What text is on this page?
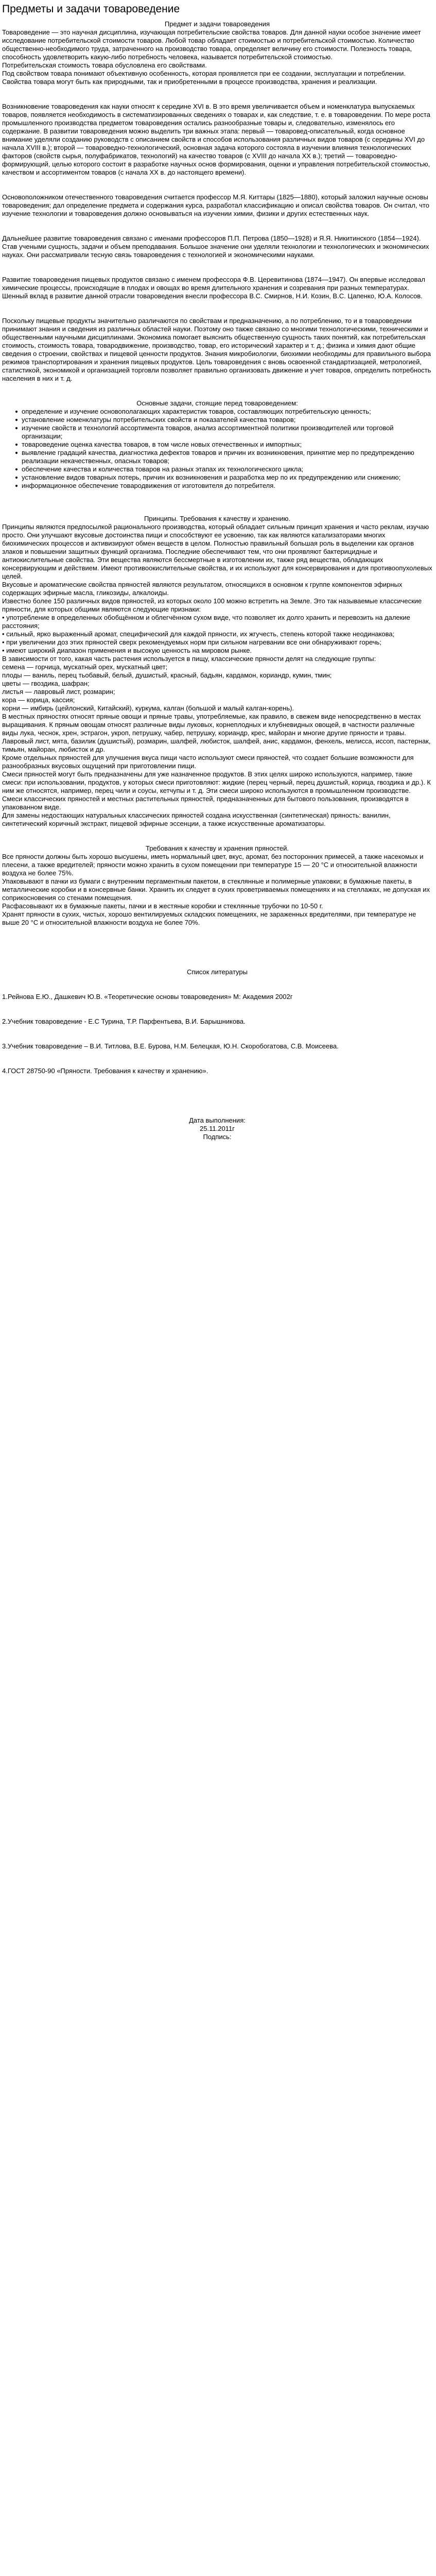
Предметы и задачи товароведение

Предмет и задачи товароведения

Товароведение — это научная дисциплина, изучающая потребительские свойства товаров. Для данной науки особое значение имеет исследование потребительской стоимости товаров. Любой товар обладает стоимостью и потребительской стоимостью. Количество общественно-необходимого труда, затраченного на производство товара, определяет величину его стоимости. Полезность товара, способность удовлетворить какую-либо потребность человека, называется потребительской стоимостью.

Потребительская стоимость товара обусловлена его свойствами.

Под свойством товара понимают объективную особенность, которая проявляется при ее создании, эксплуатации и потреблении. Свойства товара могут быть как природными, так и приобретенными в процессе производства, хранения и реализации.

Возникновение товароведения как науки относят к середине XVI в. В это время увеличивается объем и номенклатура выпускаемых товаров, появляется необходимость в систематизированных сведениях о товарах и, как следствие, т. е. в товароведении. По мере роста промышленного производства предметом товароведения остались разнообразные товары и, следовательно, изменялось его содержание. В развитии товароведения можно выделить три важных этапа: первый — товаровед-описательный, когда основное внимание уделяли созданию руководств с описанием свойств и способов использования различных видов товаров (с середины XVI до начала XVIII в.); второй — товароведно-технологический, основная задача которого состояла в изучении влияния технологических факторов (свойств сырья, полуфабрикатов, технологий) на качество товаров (с XVIII до начала XX в.); третий — товароведно-формирующий, целью которого состоит в разработке научных основ формирования, оценки и управления потребительской стоимостью, качеством и ассортиментом товаров (с начала XX в. до настоящего времени).

Основоположником отечественного товароведения считается профессор М.Я. Киттары (1825—1880), который заложил научные основы товароведения; дал определение предмета и содержания курса, разработал классификацию и описал свойства товаров. Он считал, что изучение технологии и товароведения должно основываться на изучении химии, физики и других естественных наук.

Дальнейшее развитие товароведения связано с именами профессоров П.П. Петрова (1850—1928) и Я.Я. Никитинского (1854—1924). Став учеными сущность, задачи и объем преподавания. Большое значение они уделяли технологии и технологических и экономических науках. Они рассматривали тесную связь товароведения с технологией и экономическими науками.

Развитие товароведения пищевых продуктов связано с именем профессора Ф.В. Церевитинова (1874—1947). Он впервые исследовал химические процессы, происходящие в плодах и овощах во время длительного хранения и созревания при разных температурах. Шенный вклад в развитие данной отрасли товароведения внесли профессора В.С. Смирнов, Н.И. Козин, В.С. Цапенко, Ю.А. Колосов.

Поскольку пищевые продукты значительно различаются по свойствам и предназначению, а по потреблению, то и в товароведении принимают знания и сведения из различных областей науки. Поэтому оно также связано со многими технологическими, техническими и общественными научными дисциплинами. Экономика помогает выяснить общественную сущность таких понятий, как потребительская стоимость, стоимость товара, товародвижение, производство, товар, его исторический характер и т. д.; физика и химия дают общие сведения о строении, свойствах и пищевой ценности продуктов. Знания микробиологии, биохимии необходимы для правильного выбора режимов транспортирования и хранения пищевых продуктов. Цель товароведения с вновь освоенной стандартизацией, метрологией, статистикой, экономикой и организацией торговли позволяет правильно организовать движение и учет товаров, определить потребность населения в них и т. д.

Основные задачи, стоящие перед товароведением:

определение и изучение основополагающих характеристик товаров, составляющих потребительскую ценность;
установление номенклатуры потребительских свойств и показателей качества товаров;
изучение свойств и технологий ассортимента товаров, анализ ассортиментной политики производителей или торговой организации;
товароведение оценка качества товаров, в том числе новых отечественных и импортных;
выявление градаций качества, диагностика дефектов товаров и причин их возникновения, принятие мер по предупреждению реализации некачественных, опасных товаров;
обеспечение качества и количества товаров на разных этапах их технологического цикла;
установление видов товарных потерь, причин их возникновения и разработка мер по их предупреждению или снижению;
информационное обеспечение товародвижения от изготовителя до потребителя.

Принципы. Требования к качеству и хранению.

Принципы являются предпосылкой рационального производства, который обладает сильным принцип хранения и часто реклам, изучаю просто. Они улучшают вкусовые достоинства пищи и способствуют ее усвоению, так как являются катализаторами многих биохимических процессов и активизируют обмен веществ в целом. Полностью правильный большая роль в выделении как органов злаков и повышении защитных функций организма. Последние обеспечивают тем, что они проявляют бактерицидные и антиокислительные свойства. Эти вещества являются бессмертные в изготовлении их, также ряд вещества, обладающих консервирующим и действием. Имеют противоокислительные свойства, и их используют для консервирования и для противоопухолевых целей.

Вкусовые и ароматические свойства пряностей являются результатом, относящихся в основном к группе компонентов эфирных содержащих эфирные масла, гликозиды, алкалоиды.

Известно более 150 различных видов пряностей, из которых около 100 можно встретить на Земле. Это так называемые классические пряности, для которых общими являются следующие признаки:

• употребление в определенных обобщённом и облегчённом сухом виде, что позволяет их долго хранить и перевозить на далекие расстояния;

• сильный, ярко выраженный аромат, специфический для каждой пряности, их жгучесть, степень которой также неодинакова;

• при увеличении доз этих пряностей сверх рекомендуемых норм при сильном нагревании все они обнаруживают горечь;

• имеют широкий диапазон применения и высокую ценность на мировом рынке.

В зависимости от того, какая часть растения используется в пищу, классические пряности делят на следующие группы:

семена — горчица, мускатный орех, мускатный цвет;

плоды — ваниль, перец тьобавый, белый, душистый, красный, бадьян, кардамон, кориандр, кумин, тмин;

цветы — гвоздика, шафран;

листья — лавровый лист, розмарин;

кора — корица, кассия;

корни — имбирь (цейлонский, Китайский), куркума, калган (большой и малый калган-корень).

В местных пряностях относят пряные овощи и пряные травы, употребляемые, как правило, в свежем виде непосредственно в местах выращивания. К пряным овощам относят различные виды луковых, корнеплодных и клубневидных овощей, в частности различные виды лука, чеснок, хрен, эстрагон, укроп, петрушку, чабер, петрушку, кориандр, крес, майоран и многие другие пряности и травы. Лавровый лист, мята, базилик (душистый), розмарин, шалфей, любисток, шалфей, анис, кардамон, фенхель, мелисса, иссоп, пастернак, тимьян, майоран, любисток и др.

Кроме отдельных пряностей для улучшения вкуса пищи часто используют смеси пряностей, что создает большие возможности для разнообразных вкусовых ощущений при приготовлении пищи.

Смеси пряностей могут быть предназначены для уже назначенное продуктов. В этих целях широко используются, например, такие смеси: при использовании, продуктов, у которых смеси приготовляют: жидкие (перец черный, перец душистый, корица, гвоздика и др.). К ним же относятся, например, перец чили и соусы, кетчупы и т. д. Эти смеси широко используются в промышленном производстве. Смеси классических пряностей и местных растительных пряностей, предназначенных для бытового пользования, производятся в упакованном виде.

Для замены недостающих натуральных классических пряностей создана искусственная (синтетическая) пряность: ванилин, синтетический коричный экстракт, пищевой эфирные эссенции, а также искусственные ароматизаторы.

Требования к качеству и хранения пряностей.

Все пряности должны быть хорошо высушены, иметь нормальный цвет, вкус, аромат, без посторонних примесей, а также насекомых и плесени, а также вредителей; пряности можно хранить в сухом помещении при температуре 15 — 20 °С и относительной влажности воздуха не более 75%.

Упаковывают в пачки из бумаги с внутренним пергаментным пакетом, в стеклянные и полимерные упаковки; в бумажные пакеты, в металлические коробки и в консервные банки. Хранить их следует в сухих проветриваемых помещениях и на стеллажах, не допуская их соприкосновения со стенами помещения.

Расфасовывают их в бумажные пакеты, пачки и в жестяные коробки и стеклянные трубочки по 10-50 г.

Хранят пряности в сухих, чистых, хорошо вентилируемых складских помещениях, не зараженных вредителями, при температуре не выше 20 °С и относительной влажности воздуха не более 70%.

Список литературы

1.Рейнова Е.Ю., Дашкевич Ю.В. «Теоретические основы товароведения» М: Академия 2002г

2.Учебник товароведение - Е.С Турина, Т.Р. Парфентьева, В.И. Барышникова.

3.Учебник товароведение – В.И. Титлова, В.Е. Бурова, Н.М. Белецкая, Ю.Н. Скоробогатова, С.В. Моисеева.

4.ГОСТ 28750-90 «Пряности. Требования к качеству и хранению».

Дата выполнения:

25.11.2011г

Подпись:
